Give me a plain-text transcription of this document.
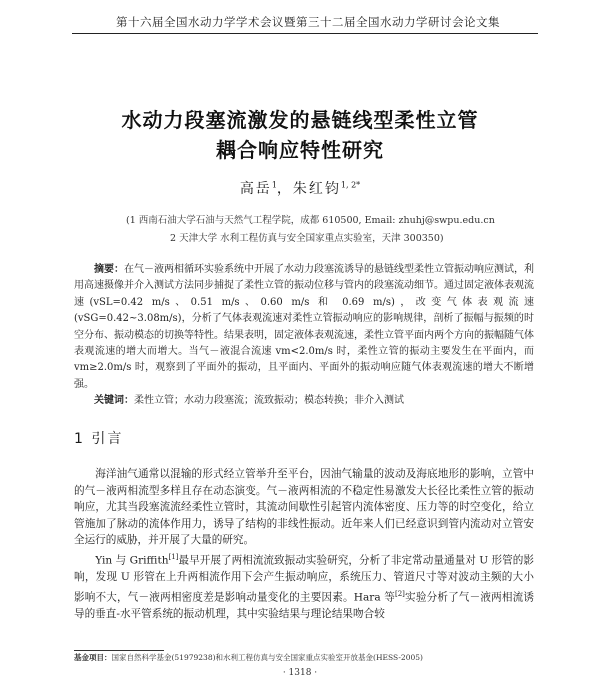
第十六届全国水动力学学术会议暨第三十二届全国水动力学研讨会论文集
水动力段塞流激发的悬链线型柔性立管
耦合响应特性研究
高岳$^1$，朱红钧$^{1, 2*}$
(1 西南石油大学石油与天然气工程学院，成都 610500, Email: zhuhj@swpu.edu.cn
2 天津大学 水利工程仿真与安全国家重点实验室，天津 300350)
摘要：在气－液两相循环实验系统中开展了水动力段塞流诱导的悬链线型柔性立管振动响应测试，利用高速摄像并介入测试方法同步捕捉了柔性立管的振动位移与管内的段塞流动细节。通过固定液体表观流速(vSL=0.42 m/s、0.51 m/s、0.60 m/s 和 0.69 m/s)，改变气体表观流速(vSG=0.42~3.08m/s)，分析了气体表观流速对柔性立管振动响应的影响规律，剖析了振幅与振频的时空分布、振动模态的切换等特性。结果表明，固定液体表观流速，柔性立管平面内两个方向的振幅随气体表观流速的增大而增大。当气－液混合流速 vm<2.0m/s 时，柔性立管的振动主要发生在平面内，而 vm≥2.0m/s 时，观察到了平面外的振动，且平面内、平面外的振动响应随气体表观流速的增大不断增强。
关键词：柔性立管；水动力段塞流；流致振动；模态转换；非介入测试
1 引言
海洋油气通常以混输的形式经立管举升至平台，因油气输量的波动及海底地形的影响，立管中的气－液两相流型多样且存在动态演变。气－液两相流的不稳定性易激发大长径比柔性立管的振动响应，尤其当段塞流流经柔性立管时，其流动间歇性引起管内流体密度、压力等的时空变化，给立管施加了脉动的流体作用力，诱导了结构的非线性振动。近年来人们已经意识到管内流动对立管安全运行的威胁，并开展了大量的研究。
Yin 与 Griffith[1]最早开展了两相流流致振动实验研究，分析了非定常动量通量对 U 形管的影响，发现 U 形管在上升两相流作用下会产生振动响应，系统压力、管道尺寸等对波动主频的大小影响不大，气－液两相密度差是影响动量变化的主要因素。Hara 等[2]实验分析了气－液两相流诱导的垂直-水平管系统的振动机理，其中实验结果与理论结果吻合较
基金项目：国家自然科学基金(51979238)和水利工程仿真与安全国家重点实验室开放基金(HESS-2005)
· 1318 ·
